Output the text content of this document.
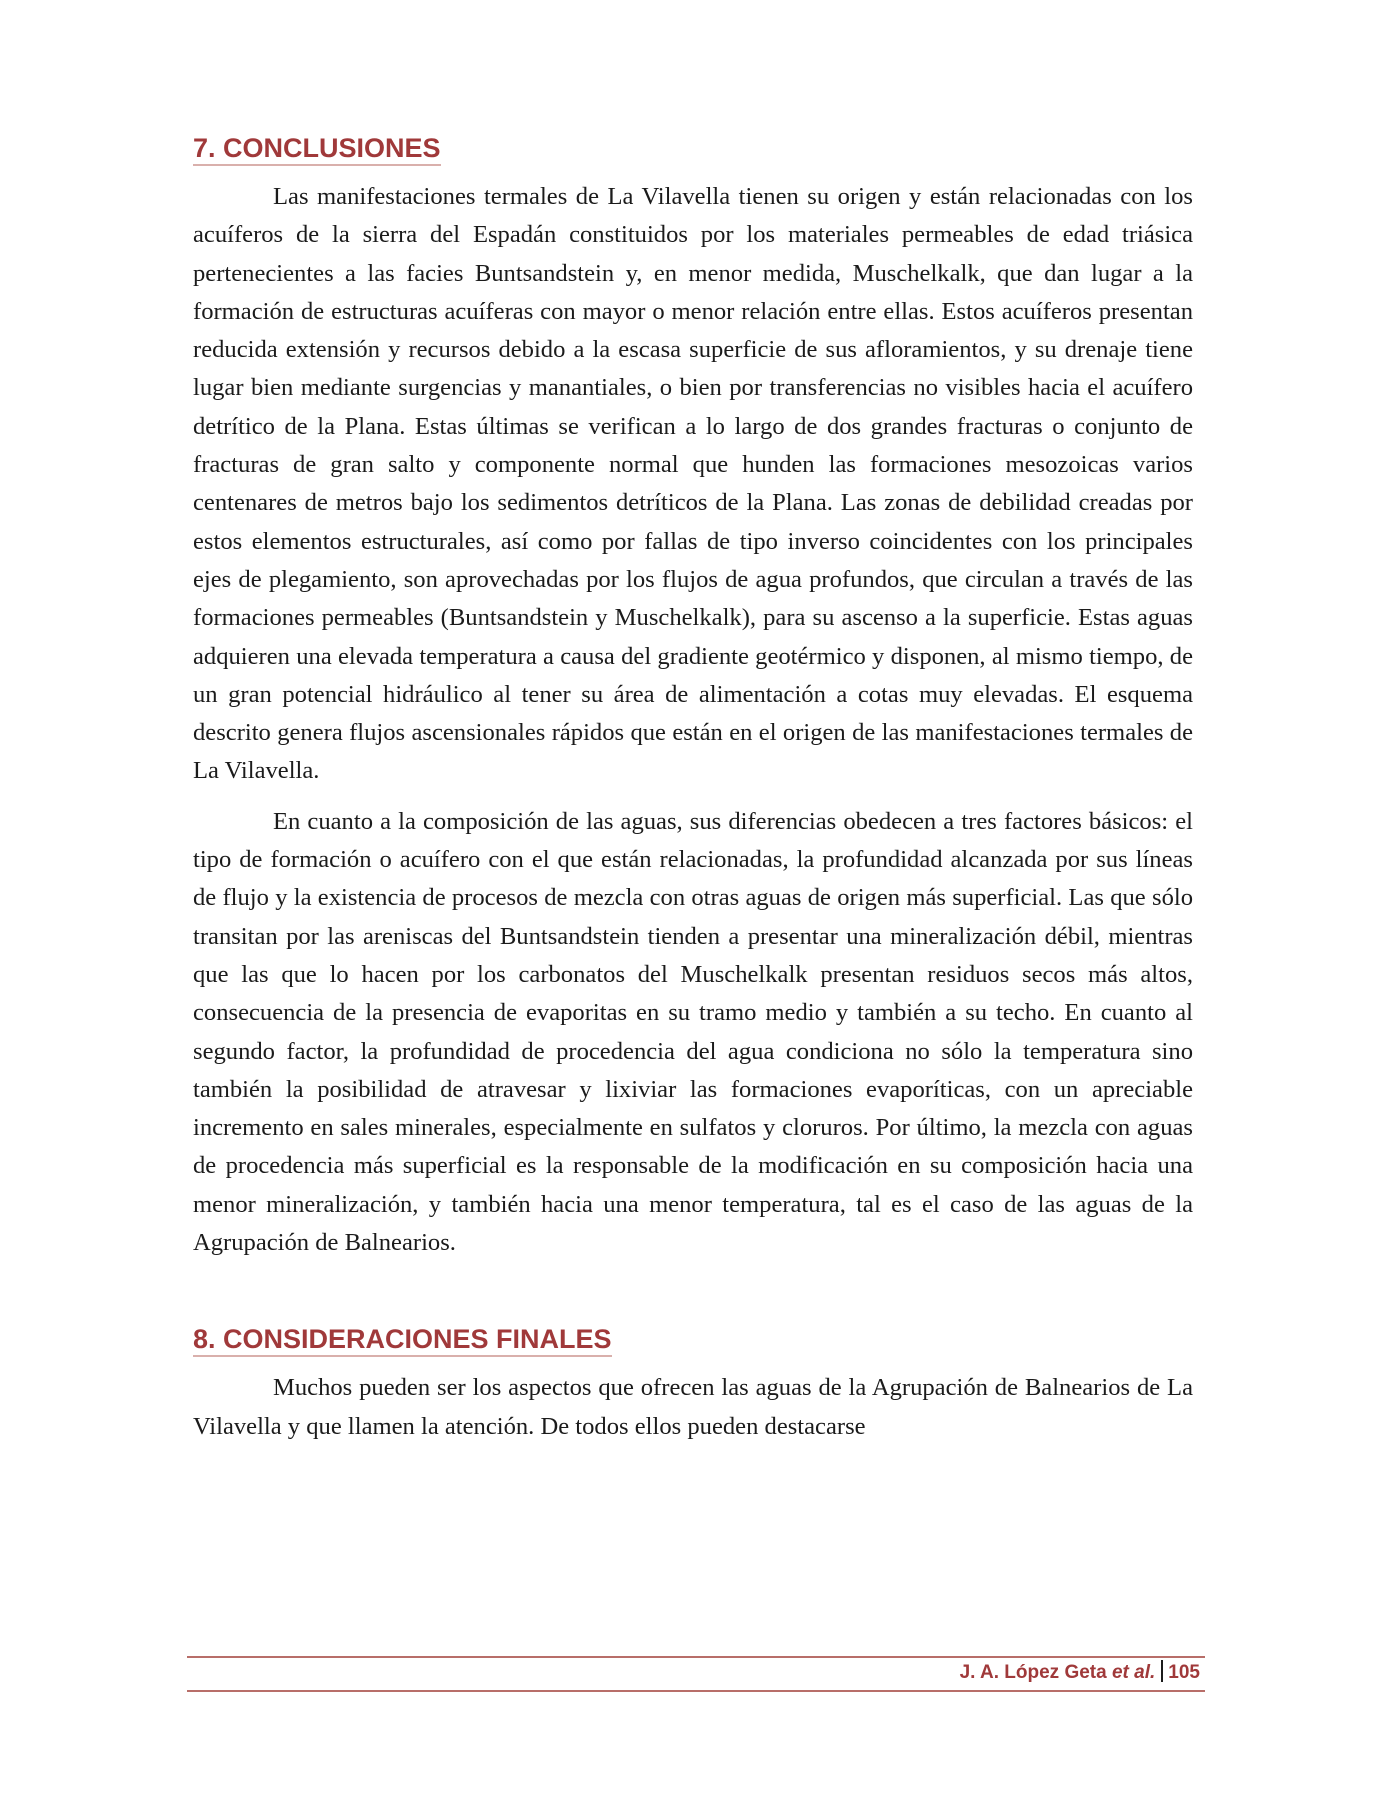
7. CONCLUSIONES

Las manifestaciones termales de La Vilavella tienen su origen y están relacionadas con los acuíferos de la sierra del Espadán constituidos por los materiales permeables de edad triásica pertenecientes a las facies Buntsandstein y, en menor medida, Muschelkalk, que dan lugar a la formación de estructuras acuíferas con mayor o menor relación entre ellas. Estos acuíferos presentan reducida extensión y recursos debido a la escasa superficie de sus afloramientos, y su drenaje tiene lugar bien mediante surgencias y manantiales, o bien por transferencias no visibles hacia el acuífero detrítico de la Plana. Estas últimas se verifican a lo largo de dos grandes fracturas o conjunto de fracturas de gran salto y componente normal que hunden las formaciones mesozoicas varios centenares de metros bajo los sedimentos detríticos de la Plana. Las zonas de debilidad creadas por estos elementos estructurales, así como por fallas de tipo inverso coincidentes con los principales ejes de plegamiento, son aprovechadas por los flujos de agua profundos, que circulan a través de las formaciones permeables (Buntsandstein y Muschelkalk), para su ascenso a la superficie. Estas aguas adquieren una elevada temperatura a causa del gradiente geotérmico y disponen, al mismo tiempo, de un gran potencial hidráulico al tener su área de alimentación a cotas muy elevadas. El esquema descrito genera flujos ascensionales rápidos que están en el origen de las manifestaciones termales de La Vilavella.

En cuanto a la composición de las aguas, sus diferencias obedecen a tres factores básicos: el tipo de formación o acuífero con el que están relacionadas, la profundidad alcanzada por sus líneas de flujo y la existencia de procesos de mezcla con otras aguas de origen más superficial. Las que sólo transitan por las areniscas del Buntsandstein tienden a presentar una mineralización débil, mientras que las que lo hacen por los carbonatos del Muschelkalk presentan residuos secos más altos, consecuencia de la presencia de evaporitas en su tramo medio y también a su techo. En cuanto al segundo factor, la profundidad de procedencia del agua condiciona no sólo la temperatura sino también la posibilidad de atravesar y lixiviar las formaciones evaporíticas, con un apreciable incremento en sales minerales, especialmente en sulfatos y cloruros. Por último, la mezcla con aguas de procedencia más superficial es la responsable de la modificación en su composición hacia una menor mineralización, y también hacia una menor temperatura, tal es el caso de las aguas de la Agrupación de Balnearios.

8. CONSIDERACIONES FINALES

Muchos pueden ser los aspectos que ofrecen las aguas de la Agrupación de Balnearios de La Vilavella y que llamen la atención. De todos ellos pueden destacarse

J. A. López Geta et al. 105
